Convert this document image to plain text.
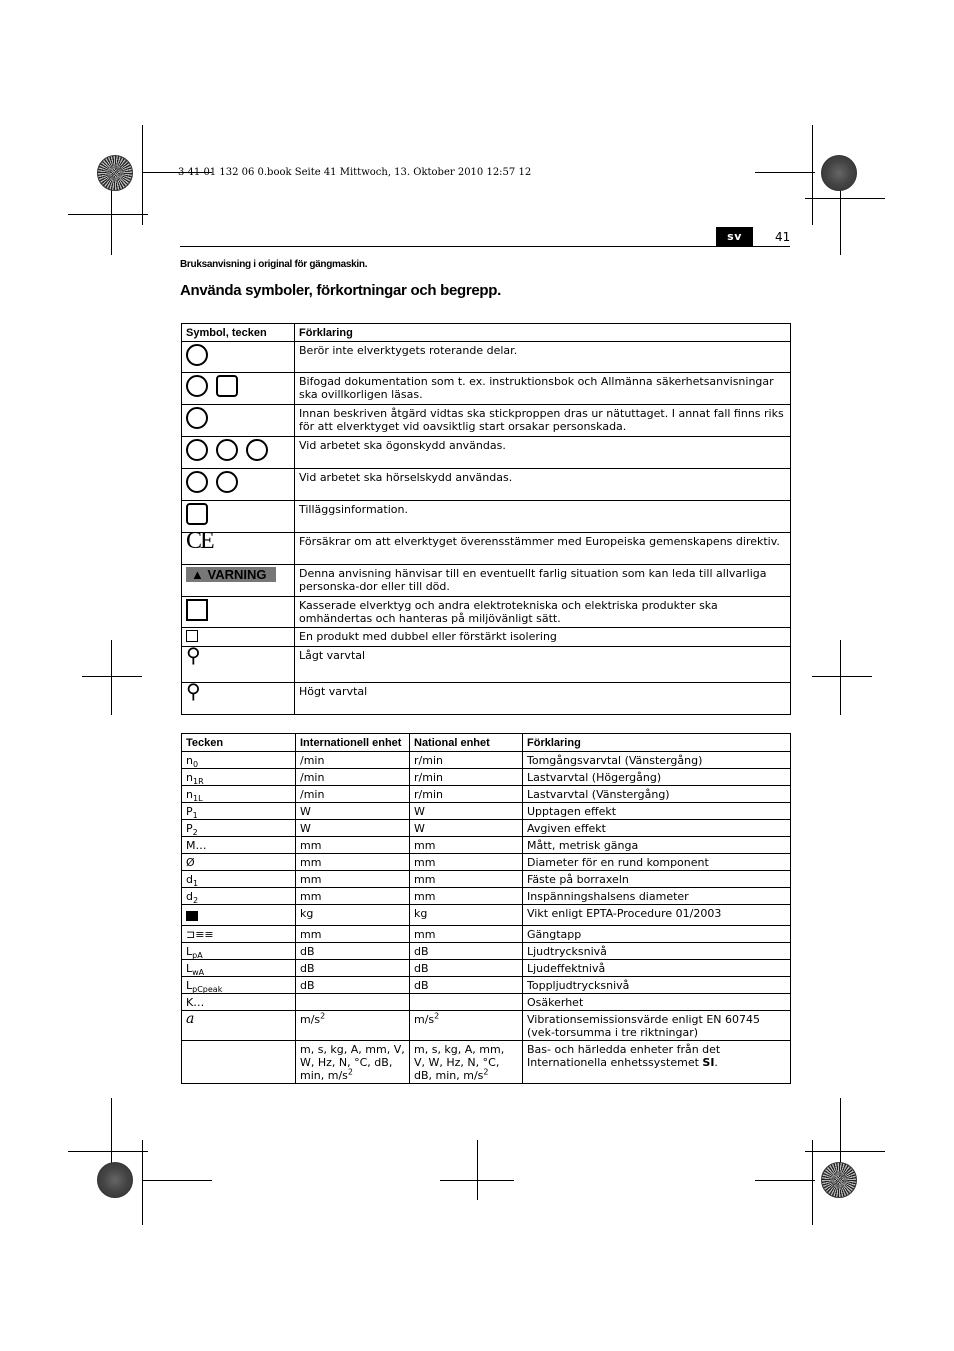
3 41 01 132 06 0.book Seite 41 Mittwoch, 13. Oktober 2010 12:57 12
sv	41
Bruksanvisning i original för gängmaskin.
Använda symboler, förkortningar och begrepp.
Symbol, tecken	Förklaring
	Berör inte elverktygets roterande delar.

	Bifogad dokumentation som t. ex. instruktionsbok och Allmänna säkerhetsanvisningar ska ovillkorligen läsas.
	Innan beskriven åtgärd vidtas ska stickproppen dras ur nätuttaget. I annat fall finns riks för att elverktyget vid oavsiktlig start orsakar personskada.

	Vid arbetet ska ögonskydd användas.

	Vid arbetet ska hörselskydd användas.
	Tilläggsinformation.
CE	Försäkrar om att elverktyget överensstämmer med Europeiska gemenskapens direktiv.
▲ VARNING	Denna anvisning hänvisar till en eventuellt farlig situation som kan leda till allvarliga personska-dor eller till död.
	Kasserade elverktyg och andra elektrotekniska och elektriska produkter ska omhändertas och hanteras på miljövänligt sätt.
	En produkt med dubbel eller förstärkt isolering
⚲	Lågt varvtal
⚲	Högt varvtal
Tecken	Internationell enhet	National enhet	Förklaring
$n_0$	/min	r/min	Tomgångsvarvtal (Vänstergång)
$n_{1R}$	/min	r/min	Lastvarvtal (Högergång)
$n_{1L}$	/min	r/min	Lastvarvtal (Vänstergång)
$P_1$	W	W	Upptagen effekt
$P_2$	W	W	Avgiven effekt
M…	mm	mm	Mått, metrisk gänga
Ø	mm	mm	Diameter för en rund komponent
$d_1$	mm	mm	Fäste på borraxeln
$d_2$	mm	mm	Inspänningshalsens diameter
	kg	kg	Vikt enligt EPTA-Procedure 01/2003
⊐≡≡	mm	mm	Gängtapp
$L_{pA}$	dB	dB	Ljudtrycksnivå
$L_{wA}$	dB	dB	Ljudeffektnivå
$L_{pCpeak}$	dB	dB	Toppljudtrycksnivå
K…			Osäkerhet
a	$m/s^2$	$m/s^2$	Vibrationsemissionsvärde enligt EN 60745 (vek-torsumma i tre riktningar)
	m, s, kg, A, mm, V, W, Hz, N, °C, dB, min, $m/s^2$	m, s, kg, A, mm, V, W, Hz, N, °C, dB, min, $m/s^2$	Bas- och härledda enheter från det Internationella enhetssystemet SI.
